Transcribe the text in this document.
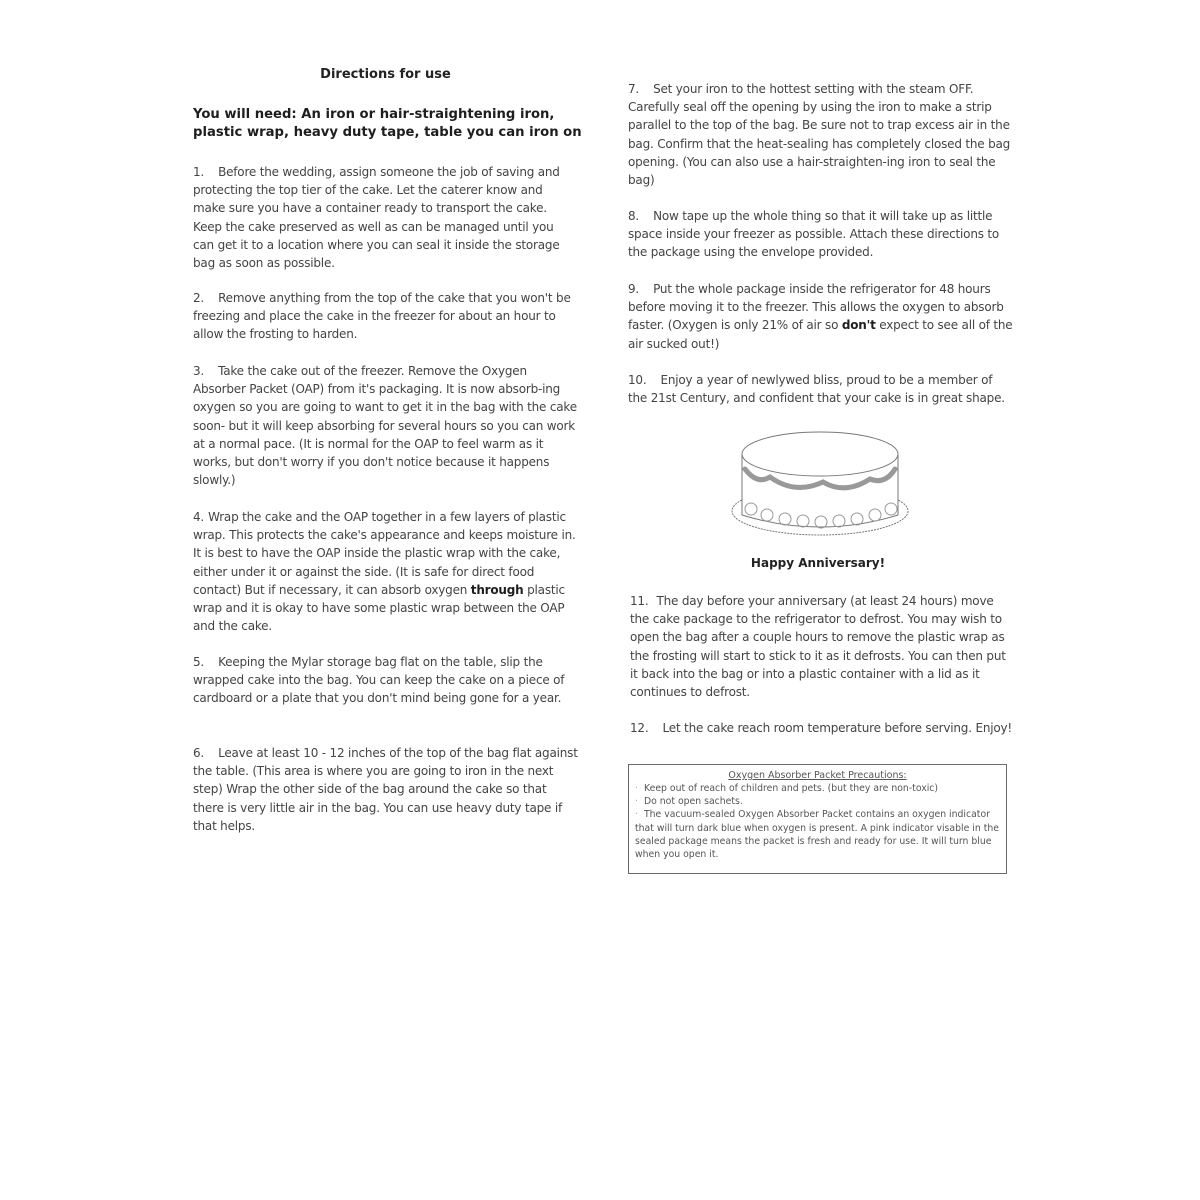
Directions for use
You will need: An iron or hair-straightening iron, plastic wrap, heavy duty tape, table you can iron on
1. Before the wedding, assign someone the job of saving and protecting the top tier of the cake. Let the caterer know and make sure you have a container ready to transport the cake. Keep the cake preserved as well as can be managed until you can get it to a location where you can seal it inside the storage bag as soon as possible.
2. Remove anything from the top of the cake that you won't be freezing and place the cake in the freezer for about an hour to allow the frosting to harden.
3. Take the cake out of the freezer. Remove the Oxygen Absorber Packet (OAP) from it's packaging. It is now absorb-ing oxygen so you are going to want to get it in the bag with the cake soon- but it will keep absorbing for several hours so you can work at a normal pace. (It is normal for the OAP to feel warm as it works, but don't worry if you don't notice because it happens slowly.)
4. Wrap the cake and the OAP together in a few layers of plastic wrap. This protects the cake's appearance and keeps moisture in. It is best to have the OAP inside the plastic wrap with the cake, either under it or against the side. (It is safe for direct food contact) But if necessary, it can absorb oxygen through plastic wrap and it is okay to have some plastic wrap between the OAP and the cake.
5. Keeping the Mylar storage bag flat on the table, slip the wrapped cake into the bag. You can keep the cake on a piece of cardboard or a plate that you don't mind being gone for a year.
6. Leave at least 10 - 12 inches of the top of the bag flat against the table. (This area is where you are going to iron in the next step) Wrap the other side of the bag around the cake so that there is very little air in the bag. You can use heavy duty tape if that helps.
7. Set your iron to the hottest setting with the steam OFF. Carefully seal off the opening by using the iron to make a strip parallel to the top of the bag. Be sure not to trap excess air in the bag. Confirm that the heat-sealing has completely closed the bag opening. (You can also use a hair-straighten-ing iron to seal the bag)
8. Now tape up the whole thing so that it will take up as little space inside your freezer as possible. Attach these directions to the package using the envelope provided.
9. Put the whole package inside the refrigerator for 48 hours before moving it to the freezer. This allows the oxygen to absorb faster. (Oxygen is only 21% of air so don't expect to see all of the air sucked out!)
10. Enjoy a year of newlywed bliss, proud to be a member of the 21st Century, and confident that your cake is in great shape.
Happy Anniversary!
11. The day before your anniversary (at least 24 hours) move the cake package to the refrigerator to defrost. You may wish to open the bag after a couple hours to remove the plastic wrap as the frosting will start to stick to it as it defrosts. You can then put it back into the bag or into a plastic container with a lid as it continues to defrost.
12. Let the cake reach room temperature before serving. Enjoy!
Oxygen Absorber Packet Precautions:
· Keep out of reach of children and pets. (but they are non-toxic)
· Do not open sachets.
· The vacuum-sealed Oxygen Absorber Packet contains an oxygen indicator that will turn dark blue when oxygen is present. A pink indicator visable in the sealed package means the packet is fresh and ready for use. It will turn blue when you open it.
